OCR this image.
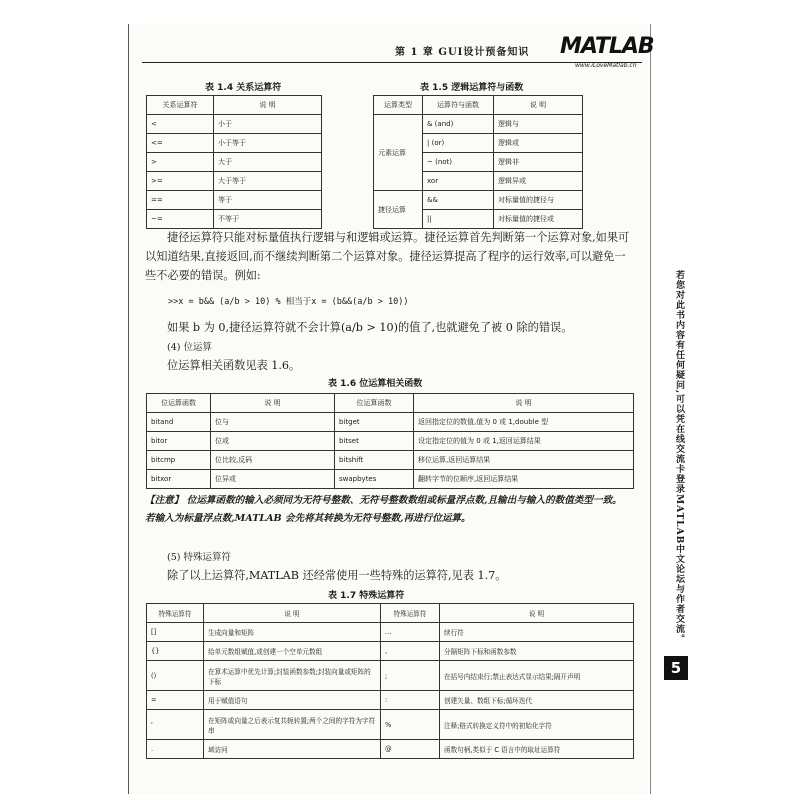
第 1 章 GUI设计预备知识 MATLAB
www.iLoveMatlab.cn
表 1.4 关系运算符
关系运算符	说 明
<	小于
<=	小于等于
>	大于
>=	大于等于
==	等于
~=	不等于
表 1.5 逻辑运算符与函数
运算类型	运算符与函数	说 明
元素运算	& (and)	逻辑与
	| (or)	逻辑或
	~ (not)	逻辑非
	xor	逻辑异或
捷径运算	&&	对标量值的捷径与
	||	对标量值的捷径或
捷径运算符只能对标量值执行逻辑与和逻辑或运算。捷径运算首先判断第一个运算对象,如果可以知道结果,直接返回,而不继续判断第二个运算对象。捷径运算提高了程序的运行效率,可以避免一些不必要的错误。例如:
>>x = b&& (a/b > 10) % 相当于x = (b&&(a/b > 10))
如果 b 为 0,捷径运算符就不会计算(a/b > 10)的值了,也就避免了被 0 除的错误。
(4) 位运算
位运算相关函数见表 1.6。
表 1.6 位运算相关函数
位运算函数	说 明	位运算函数	说 明
bitand	位与	bitget	返回指定位的数值,值为 0 或 1,double 型
bitor	位或	bitset	设定指定位的值为 0 或 1,返回运算结果
bitcmp	位比较,反码	bitshift	移位运算,返回运算结果
bitxor	位异或	swapbytes	翻转字节的位顺序,返回运算结果
【注意】 位运算函数的输入必须同为无符号整数、无符号整数数组或标量浮点数,且输出与输入的数值类型一致。若输入为标量浮点数,MATLAB 会先将其转换为无符号整数,再进行位运算。
(5) 特殊运算符
除了以上运算符,MATLAB 还经常使用一些特殊的运算符,见表 1.7。
表 1.7 特殊运算符
特殊运算符	说 明	特殊运算符	说 明
[]	生成向量和矩阵	...	续行符
{}	给单元数组赋值,或创建一个空单元数组	,	分隔矩阵下标和函数参数
()	在算术运算中优先计算;封装函数参数;封装向量或矩阵的下标	;	在括号内结束行;禁止表达式显示结果;隔开声明
=	用于赋值语句	:	创建矢量、数组下标;循环迭代
'	在矩阵或向量之后表示复共轭转置;两个之间的字符为字符串	%	注释;格式转换定义符中的初始化字符
.	域访问	@	函数句柄,类似于 C 语言中的取址运算符
若您对此书内容有任何疑问,可以凭在线交流卡登录MATLAB中文论坛与作者交流。
5
